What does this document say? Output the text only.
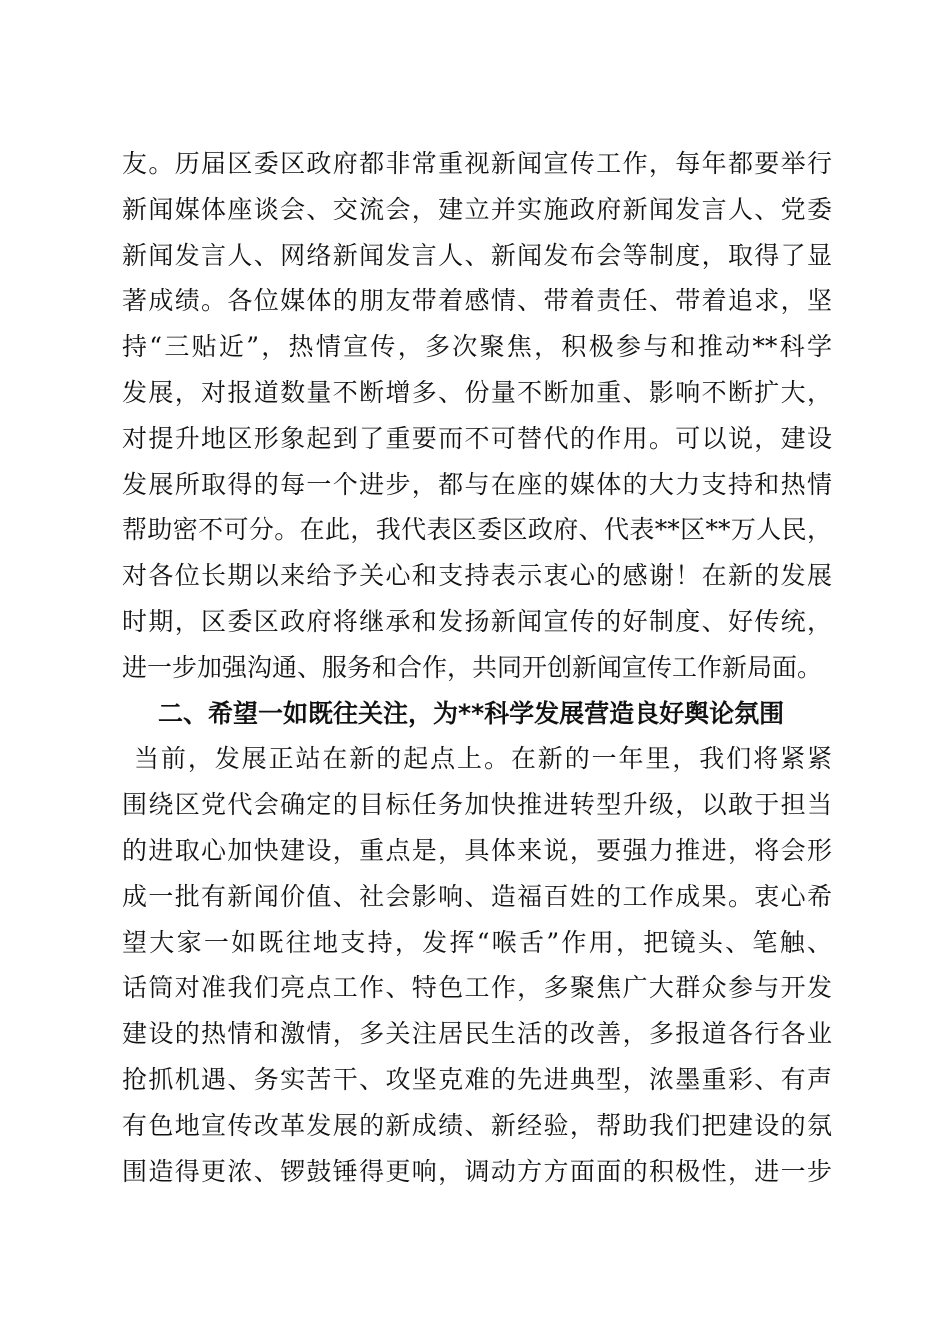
友。历届区委区政府都非常重视新闻宣传工作，每年都要举行
新闻媒体座谈会、交流会，建立并实施政府新闻发言人、党委
新闻发言人、网络新闻发言人、新闻发布会等制度，取得了显
著成绩。各位媒体的朋友带着感情、带着责任、带着追求，坚
持“三贴近”，热情宣传，多次聚焦，积极参与和推动**科学
发展，对报道数量不断增多、份量不断加重、影响不断扩大，
对提升地区形象起到了重要而不可替代的作用。可以说，建设
发展所取得的每一个进步，都与在座的媒体的大力支持和热情
帮助密不可分。在此，我代表区委区政府、代表**区**万人民，
对各位长期以来给予关心和支持表示衷心的感谢！在新的发展
时期，区委区政府将继承和发扬新闻宣传的好制度、好传统，
进一步加强沟通、服务和合作，共同开创新闻宣传工作新局面。
二、希望一如既往关注，为**科学发展营造良好舆论氛围
当前，发展正站在新的起点上。在新的一年里，我们将紧紧
围绕区党代会确定的目标任务加快推进转型升级，以敢于担当
的进取心加快建设，重点是，具体来说，要强力推进，将会形
成一批有新闻价值、社会影响、造福百姓的工作成果。衷心希
望大家一如既往地支持，发挥“喉舌”作用，把镜头、笔触、
话筒对准我们亮点工作、特色工作，多聚焦广大群众参与开发
建设的热情和激情，多关注居民生活的改善，多报道各行各业
抢抓机遇、务实苦干、攻坚克难的先进典型，浓墨重彩、有声
有色地宣传改革发展的新成绩、新经验，帮助我们把建设的氛
围造得更浓、锣鼓锤得更响，调动方方面面的积极性，进一步
